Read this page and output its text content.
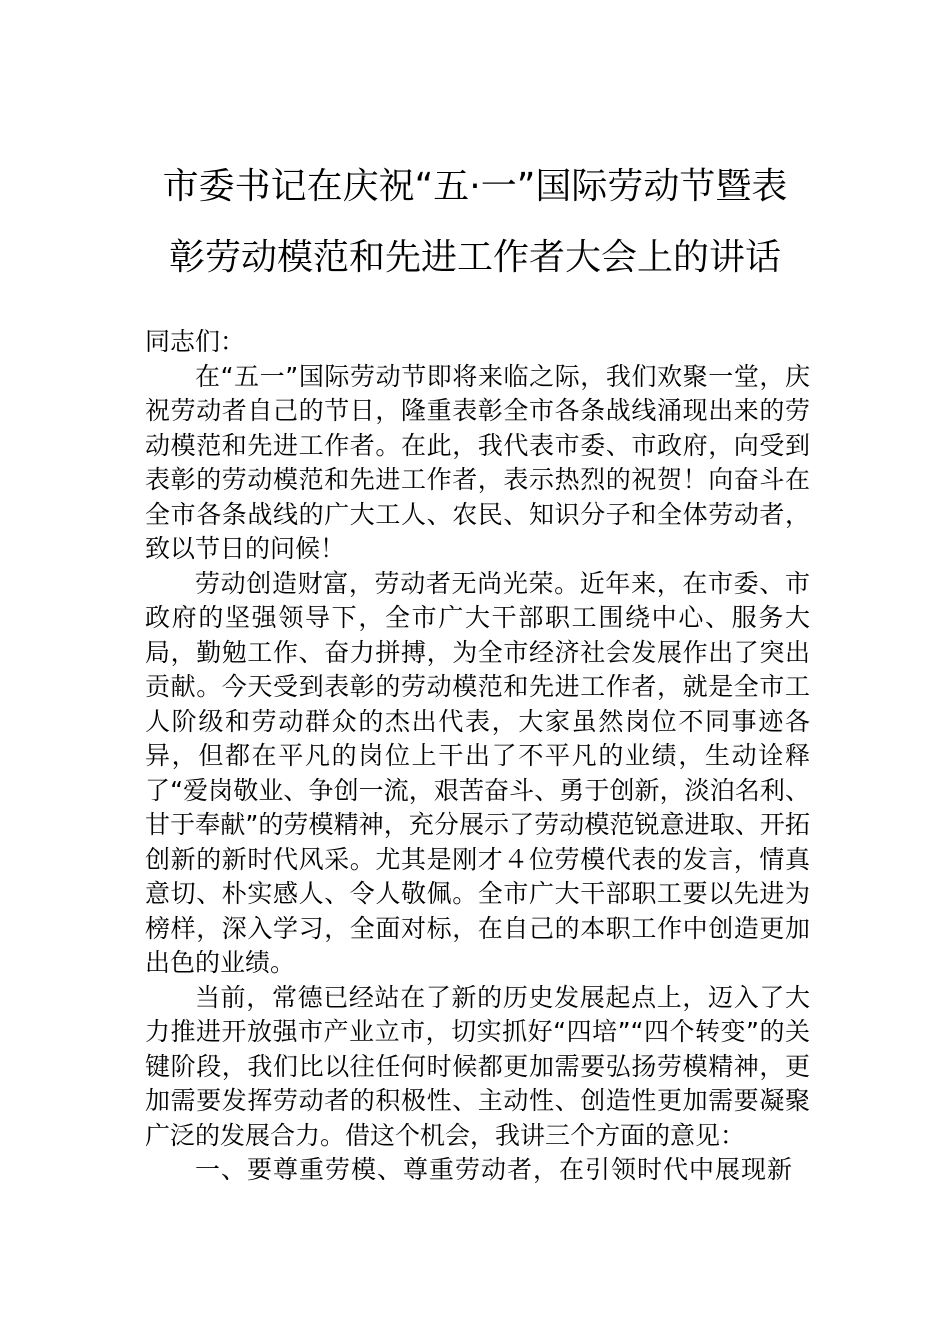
市委书记在庆祝“五·一”国际劳动节暨表
彰劳动模范和先进工作者大会上的讲话

同志们：

在“五一”国际劳动节即将来临之际，我们欢聚一堂，庆祝劳动者自己的节日，隆重表彰全市各条战线涌现出来的劳动模范和先进工作者。在此，我代表市委、市政府，向受到表彰的劳动模范和先进工作者，表示热烈的祝贺！向奋斗在全市各条战线的广大工人、农民、知识分子和全体劳动者，致以节日的问候！

劳动创造财富，劳动者无尚光荣。近年来，在市委、市政府的坚强领导下，全市广大干部职工围绕中心、服务大局，勤勉工作、奋力拼搏，为全市经济社会发展作出了突出贡献。今天受到表彰的劳动模范和先进工作者，就是全市工人阶级和劳动群众的杰出代表，大家虽然岗位不同事迹各异，但都在平凡的岗位上干出了不平凡的业绩，生动诠释了“爱岗敬业、争创一流，艰苦奋斗、勇于创新，淡泊名利、甘于奉献”的劳模精神，充分展示了劳动模范锐意进取、开拓创新的新时代风采。尤其是刚才４位劳模代表的发言，情真意切、朴实感人、令人敬佩。全市广大干部职工要以先进为榜样，深入学习，全面对标，在自己的本职工作中创造更加出色的业绩。

当前，常德已经站在了新的历史发展起点上，迈入了大力推进开放强市产业立市，切实抓好“四培”“四个转变”的关键阶段，我们比以往任何时候都更加需要弘扬劳模精神，更加需要发挥劳动者的积极性、主动性、创造性更加需要凝聚广泛的发展合力。借这个机会，我讲三个方面的意见：

一、要尊重劳模、尊重劳动者，在引领时代中展现新
